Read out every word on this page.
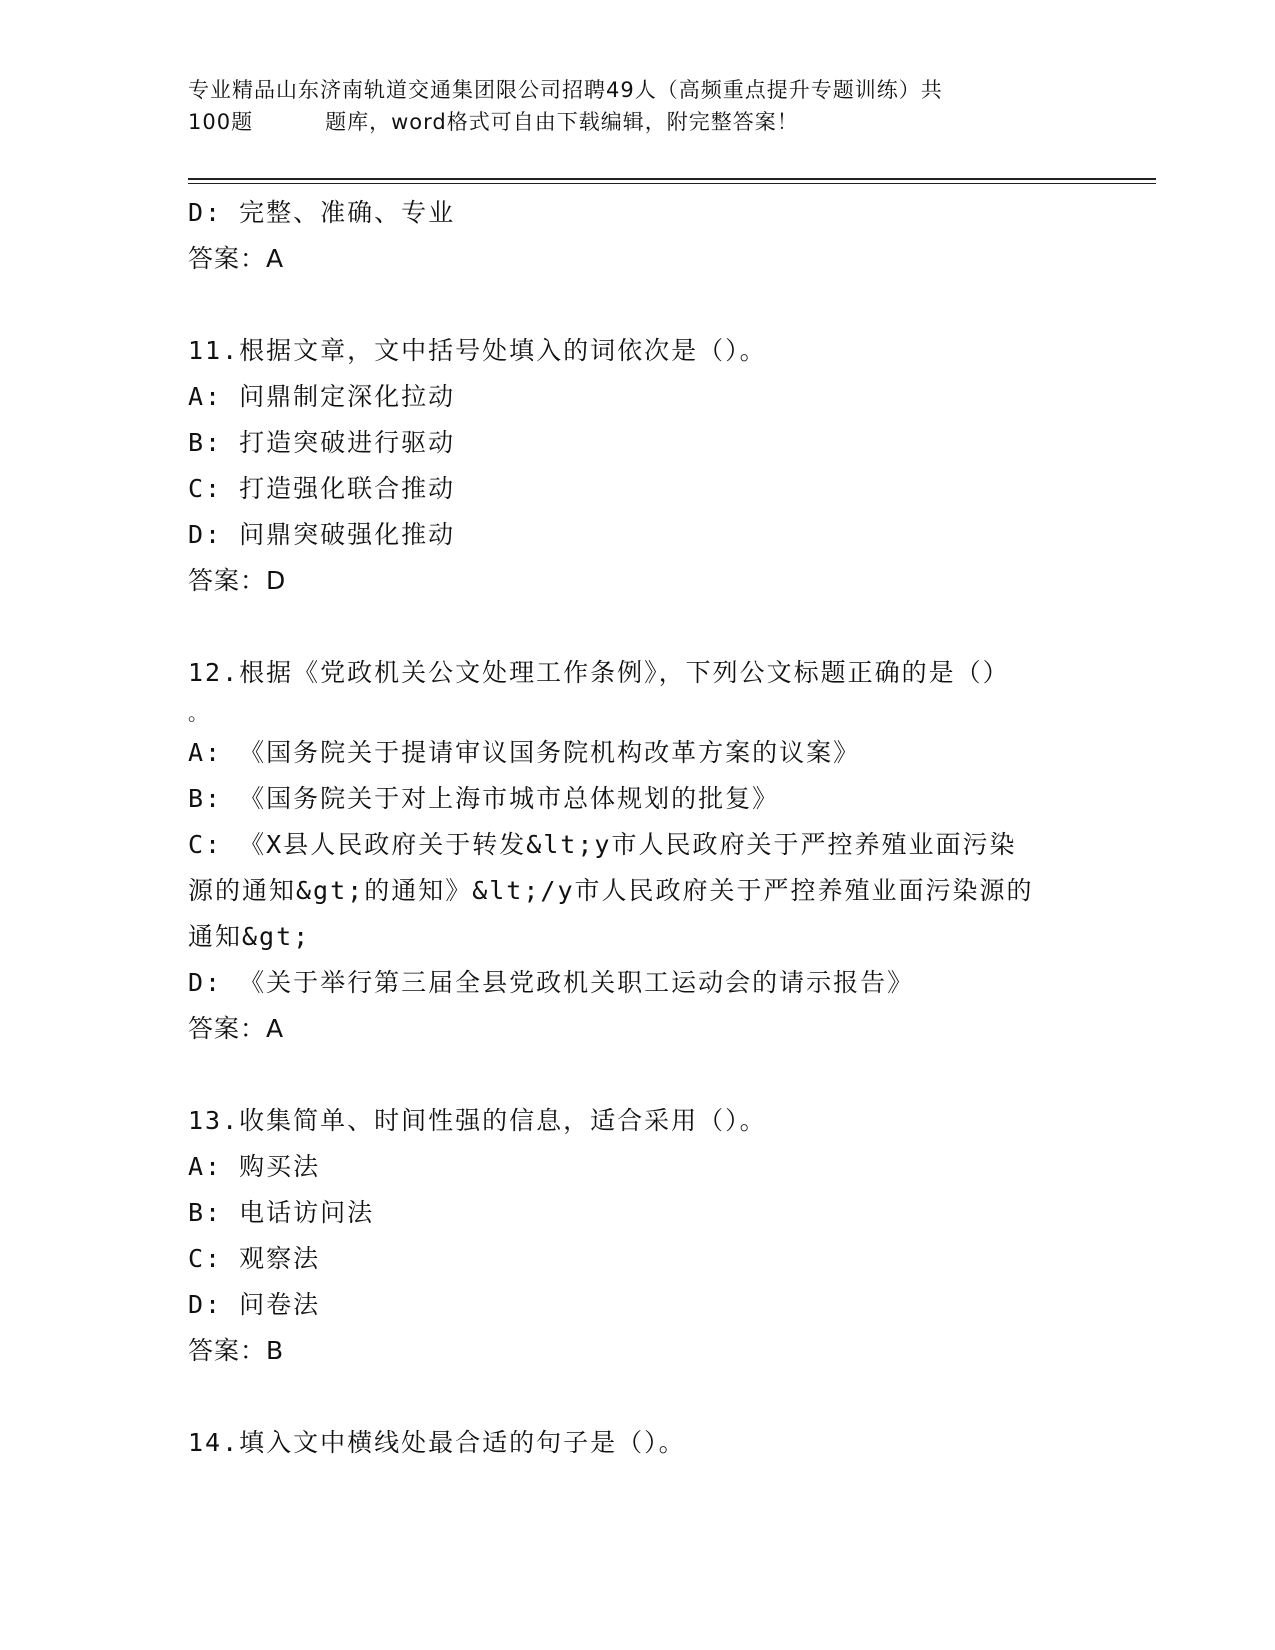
专业精品山东济南轨道交通集团限公司招聘49人（高频重点提升专题训练）共
100题	题库，word格式可自由下载编辑，附完整答案！
D: 完整、准确、专业
答案：A
11.根据文章，文中括号处填入的词依次是（）。
A: 问鼎制定深化拉动
B: 打造突破进行驱动
C: 打造强化联合推动
D: 问鼎突破强化推动
答案：D
12.根据《党政机关公文处理工作条例》，下列公文标题正确的是（）
。
A: 《国务院关于提请审议国务院机构改革方案的议案》
B: 《国务院关于对上海市城市总体规划的批复》
C: 《X县人民政府关于转发&lt;y市人民政府关于严控养殖业面污染
源的通知&gt;的通知》&lt;/y市人民政府关于严控养殖业面污染源的
通知&gt;
D: 《关于举行第三届全县党政机关职工运动会的请示报告》
答案：A
13.收集简单、时间性强的信息，适合采用（）。
A: 购买法
B: 电话访问法
C: 观察法
D: 问卷法
答案：B
14.填入文中横线处最合适的句子是（）。
